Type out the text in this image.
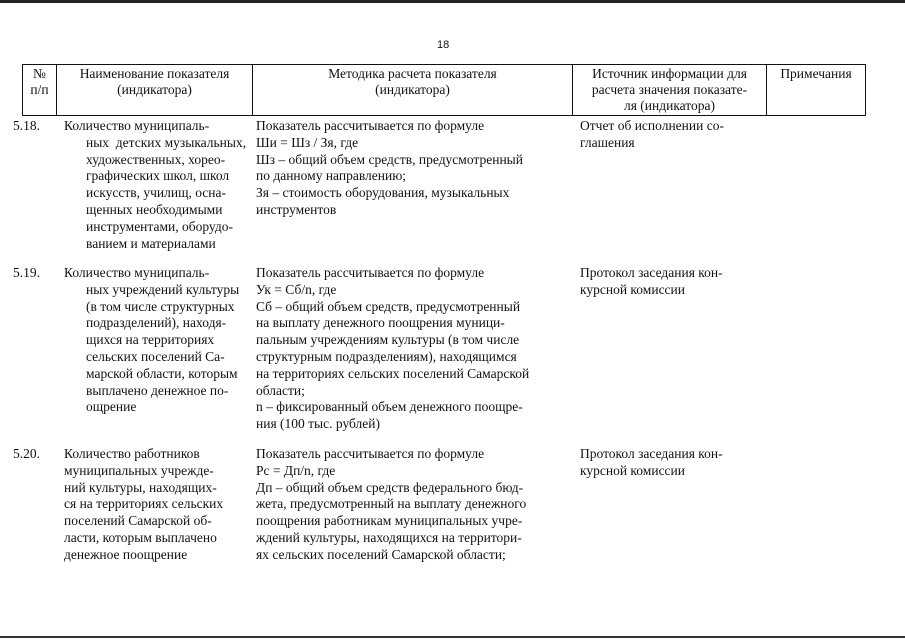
18
№
п/п
Наименование показателя
(индикатора)
Методика расчета показателя
(индикатора)
Источник информации для
расчета значения показате-
ля (индикатора)
Примечания
5.18. Количество муниципаль-
ных  детских музыкальных,
художественных, хорео-
графических школ, школ
искусств, училищ, осна-
щенных необходимыми
инструментами, оборудо-
ванием и материалами
Показатель рассчитывается по формуле
Ши = Шз / Зя, где
Шз – общий объем средств, предусмотренный
по данному направлению;
Зя – стоимость оборудования, музыкальных
инструментов
Отчет об исполнении со-
глашения
5.19. Количество муниципаль-
ных учреждений культуры
(в том числе структурных
подразделений), находя-
щихся на территориях
сельских поселений Са-
марской области, которым
выплачено денежное по-
ощрение
Показатель рассчитывается по формуле
Ук = Сб/n, где
Сб – общий объем средств, предусмотренный
на выплату денежного поощрения муници-
пальным учреждениям культуры (в том числе
структурным подразделениям), находящимся
на территориях сельских поселений Самарской
области;
n – фиксированный объем денежного поощре-
ния (100 тыс. рублей)
Протокол заседания кон-
курсной комиссии
5.20. Количество работников
муниципальных учрежде-
ний культуры, находящих-
ся на территориях сельских
поселений Самарской об-
ласти, которым выплачено
денежное поощрение
Показатель рассчитывается по формуле
Рс = Дп/n, где
Дп – общий объем средств федерального бюд-
жета, предусмотренный на выплату денежного
поощрения работникам муниципальных учре-
ждений культуры, находящихся на территори-
ях сельских поселений Самарской области;
Протокол заседания кон-
курсной комиссии
